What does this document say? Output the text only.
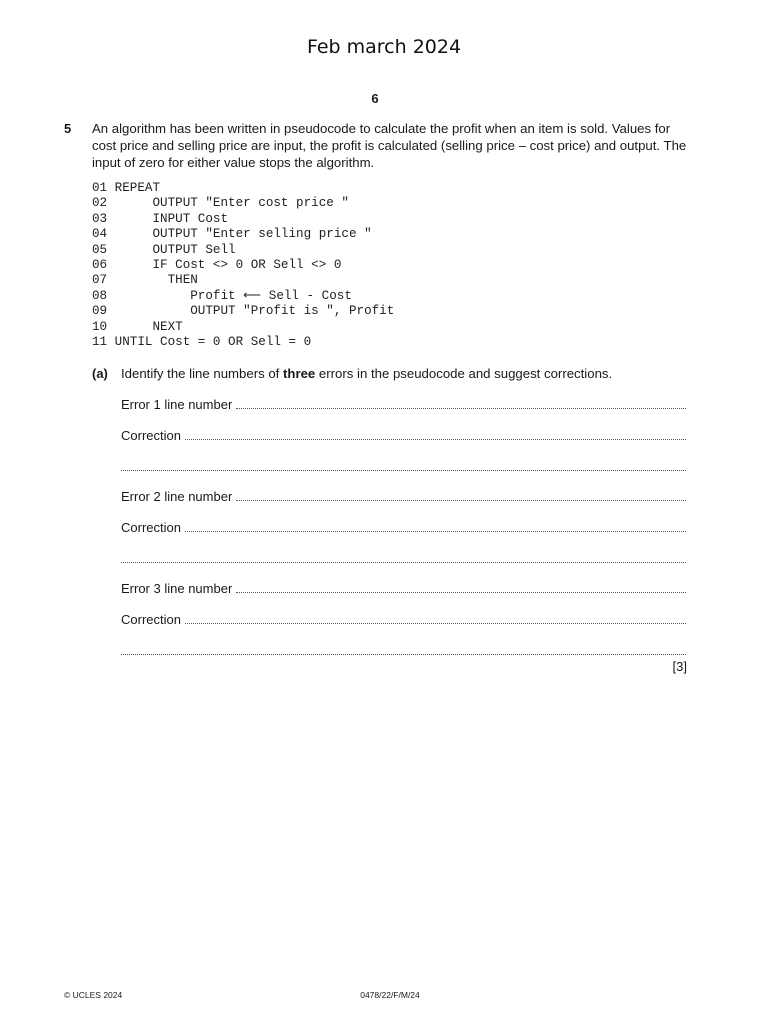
Feb march 2024
6
5 An algorithm has been written in pseudocode to calculate the profit when an item is sold. Values for cost price and selling price are input, the profit is calculated (selling price – cost price) and output. The input of zero for either value stops the algorithm.
01 REPEAT
02      OUTPUT "Enter cost price "
03      INPUT Cost
04      OUTPUT "Enter selling price "
05      OUTPUT Sell
06      IF Cost <> 0 OR Sell <> 0
07        THEN
08           Profit ⟵ Sell - Cost
09           OUTPUT "Profit is ", Profit
10      NEXT
11 UNTIL Cost = 0 OR Sell = 0
(a) Identify the line numbers of three errors in the pseudocode and suggest corrections.
Error 1 line number
Correction
Error 2 line number
Correction
Error 3 line number
Correction
[3]
© UCLES 2024	0478/22/F/M/24
